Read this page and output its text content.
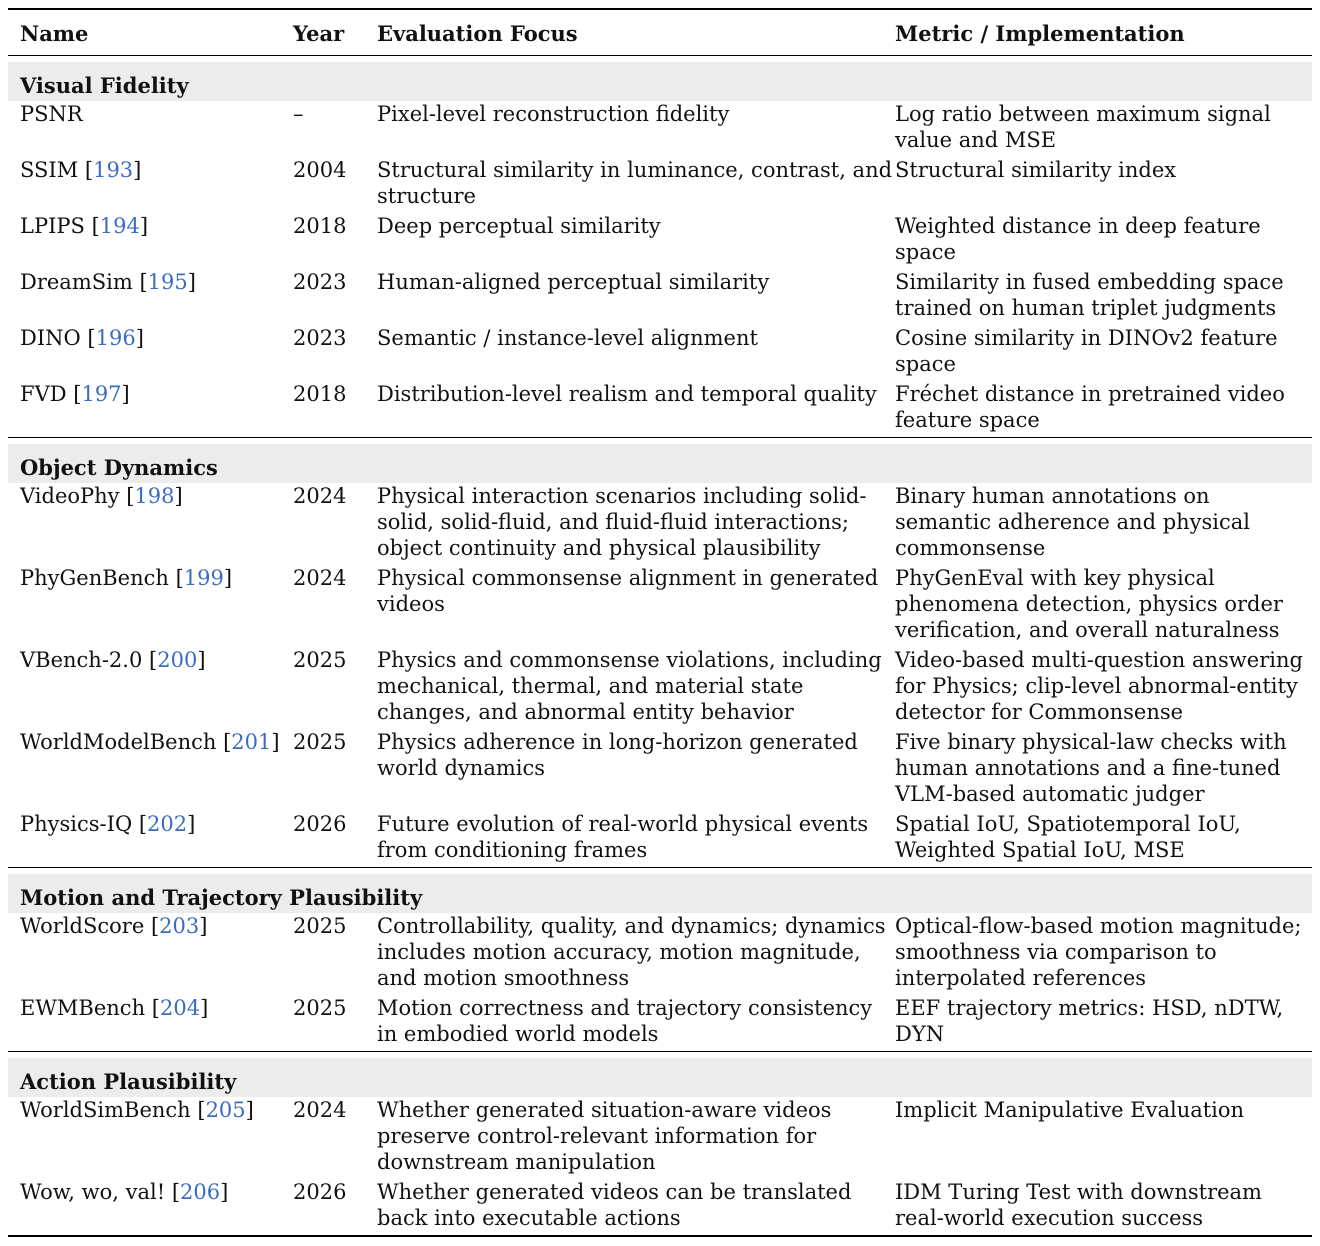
Name	Year	Evaluation Focus	Metric / Implementation

Visual Fidelity			
PSNR	–	Pixel-level reconstruction fidelity	Log ratio between maximum signal value and MSE
SSIM [193]	2004	Structural similarity in luminance, contrast, and structure	Structural similarity index
LPIPS [194]	2018	Deep perceptual similarity	Weighted distance in deep feature space
DreamSim [195]	2023	Human-aligned perceptual similarity	Similarity in fused embedding space trained on human triplet judgments
DINO [196]	2023	Semantic / instance-level alignment	Cosine similarity in DINOv2 feature space
FVD [197]	2018	Distribution-level realism and temporal quality	Fréchet distance in pretrained video feature space

Object Dynamics			
VideoPhy [198]	2024	Physical interaction scenarios including solid-solid, solid-fluid, and fluid-fluid interactions; object continuity and physical plausibility	Binary human annotations on semantic adherence and physical commonsense
PhyGenBench [199]	2024	Physical commonsense alignment in generated videos	PhyGenEval with key physical phenomena detection, physics order verification, and overall naturalness
VBench-2.0 [200]	2025	Physics and commonsense violations, including mechanical, thermal, and material state changes, and abnormal entity behavior	Video-based multi-question answering for Physics; clip-level abnormal-entity detector for Commonsense
WorldModelBench [201]	2025	Physics adherence in long-horizon generated world dynamics	Five binary physical-law checks with human annotations and a fine-tuned VLM-based automatic judger
Physics-IQ [202]	2026	Future evolution of real-world physical events from conditioning frames	Spatial IoU, Spatiotemporal IoU, Weighted Spatial IoU, MSE

Motion and Trajectory Plausibility			
WorldScore [203]	2025	Controllability, quality, and dynamics; dynamics includes motion accuracy, motion magnitude, and motion smoothness	Optical-flow-based motion magnitude; smoothness via comparison to interpolated references
EWMBench [204]	2025	Motion correctness and trajectory consistency in embodied world models	EEF trajectory metrics: HSD, nDTW, DYN

Action Plausibility			
WorldSimBench [205]	2024	Whether generated situation-aware videos preserve control-relevant information for downstream manipulation	Implicit Manipulative Evaluation
Wow, wo, val! [206]	2026	Whether generated videos can be translated back into executable actions	IDM Turing Test with downstream real-world execution success
